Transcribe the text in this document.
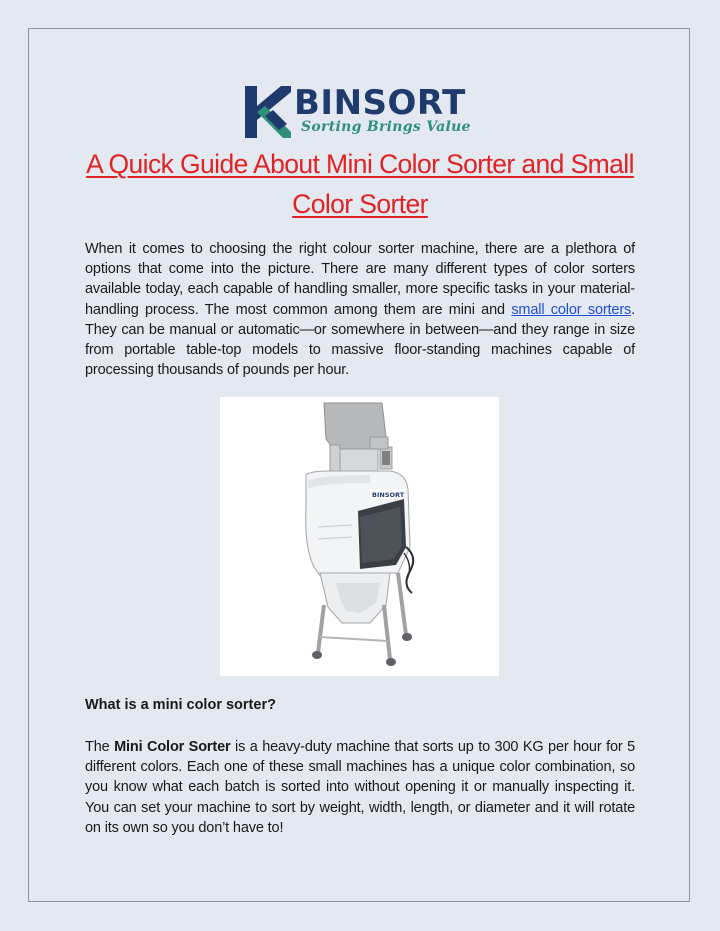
BINSORT
Sorting Brings Value
A Quick Guide About Mini Color Sorter and Small Color Sorter

When it comes to choosing the right colour sorter machine, there are a plethora of options that come into the picture. There are many different types of color sorters available today, each capable of handling smaller, more specific tasks in your material-handling process. The most common among them are mini and small color sorters. They can be manual or automatic—or somewhere in between—and they range in size from portable table-top models to massive floor-standing machines capable of processing thousands of pounds per hour.

BINSORT
What is a mini color sorter?

The Mini Color Sorter is a heavy-duty machine that sorts up to 300 KG per hour for 5 different colors. Each one of these small machines has a unique color combination, so you know what each batch is sorted into without opening it or manually inspecting it. You can set your machine to sort by weight, width, length, or diameter and it will rotate on its own so you don’t have to!
